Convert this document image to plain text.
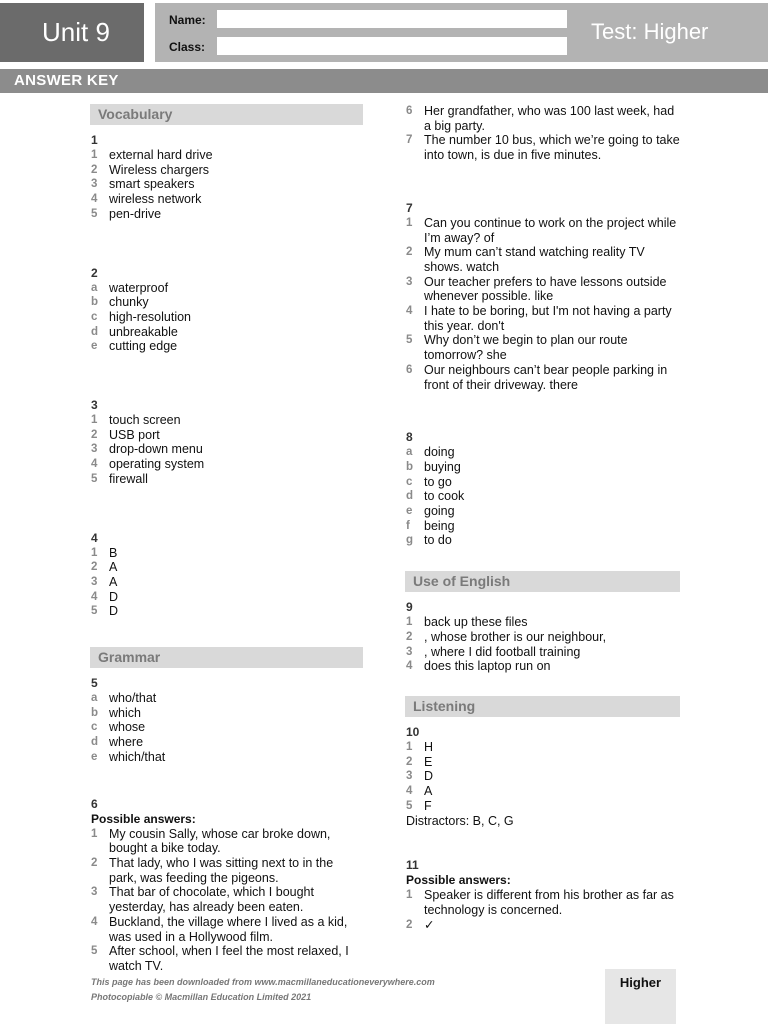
Unit 9	Name:
Class:
Test: Higher
ANSWER KEY
Vocabulary
1
1 external hard drive
2 Wireless chargers
3 smart speakers
4 wireless network
5 pen-drive
2
a waterproof
b chunky
c high-resolution
d unbreakable
e cutting edge
3
1 touch screen
2 USB port
3 drop-down menu
4 operating system
5 firewall
4
1 B
2 A
3 A
4 D
5 D
Grammar
5
a who/that
b which
c whose
d where
e which/that
6
Possible answers:
1 My cousin Sally, whose car broke down, bought a bike today.
2 That lady, who I was sitting next to in the park, was feeding the pigeons.
3 That bar of chocolate, which I bought yesterday, has already been eaten.
4 Buckland, the village where I lived as a kid, was used in a Hollywood film.
5 After school, when I feel the most relaxed, I watch TV.
6 Her grandfather, who was 100 last week, had a big party.
7 The number 10 bus, which we’re going to take into town, is due in five minutes.
7
1 Can you continue to work on the project while I’m away? of
2 My mum can’t stand watching reality TV shows. watch
3 Our teacher prefers to have lessons outside whenever possible. like
4 I hate to be boring, but I'm not having a party this year. don't
5 Why don’t we begin to plan our route tomorrow? she
6 Our neighbours can’t bear people parking in front of their driveway. there
8
a doing
b buying
c to go
d to cook
e going
f	being
g to do
Use of English
9
1 back up these files
2 , whose brother is our neighbour,
3 , where I did football training
4 does this laptop run on
Listening
10
1 H
2 E
3 D
4 A
5 F
Distractors: B, C, G
11
Possible answers:
1 Speaker is different from his brother as far as technology is concerned.
2 ✓
This page has been downloaded from www.macmillaneducationeverywhere.com
Photocopiable © Macmillan Education Limited 2021
Higher
